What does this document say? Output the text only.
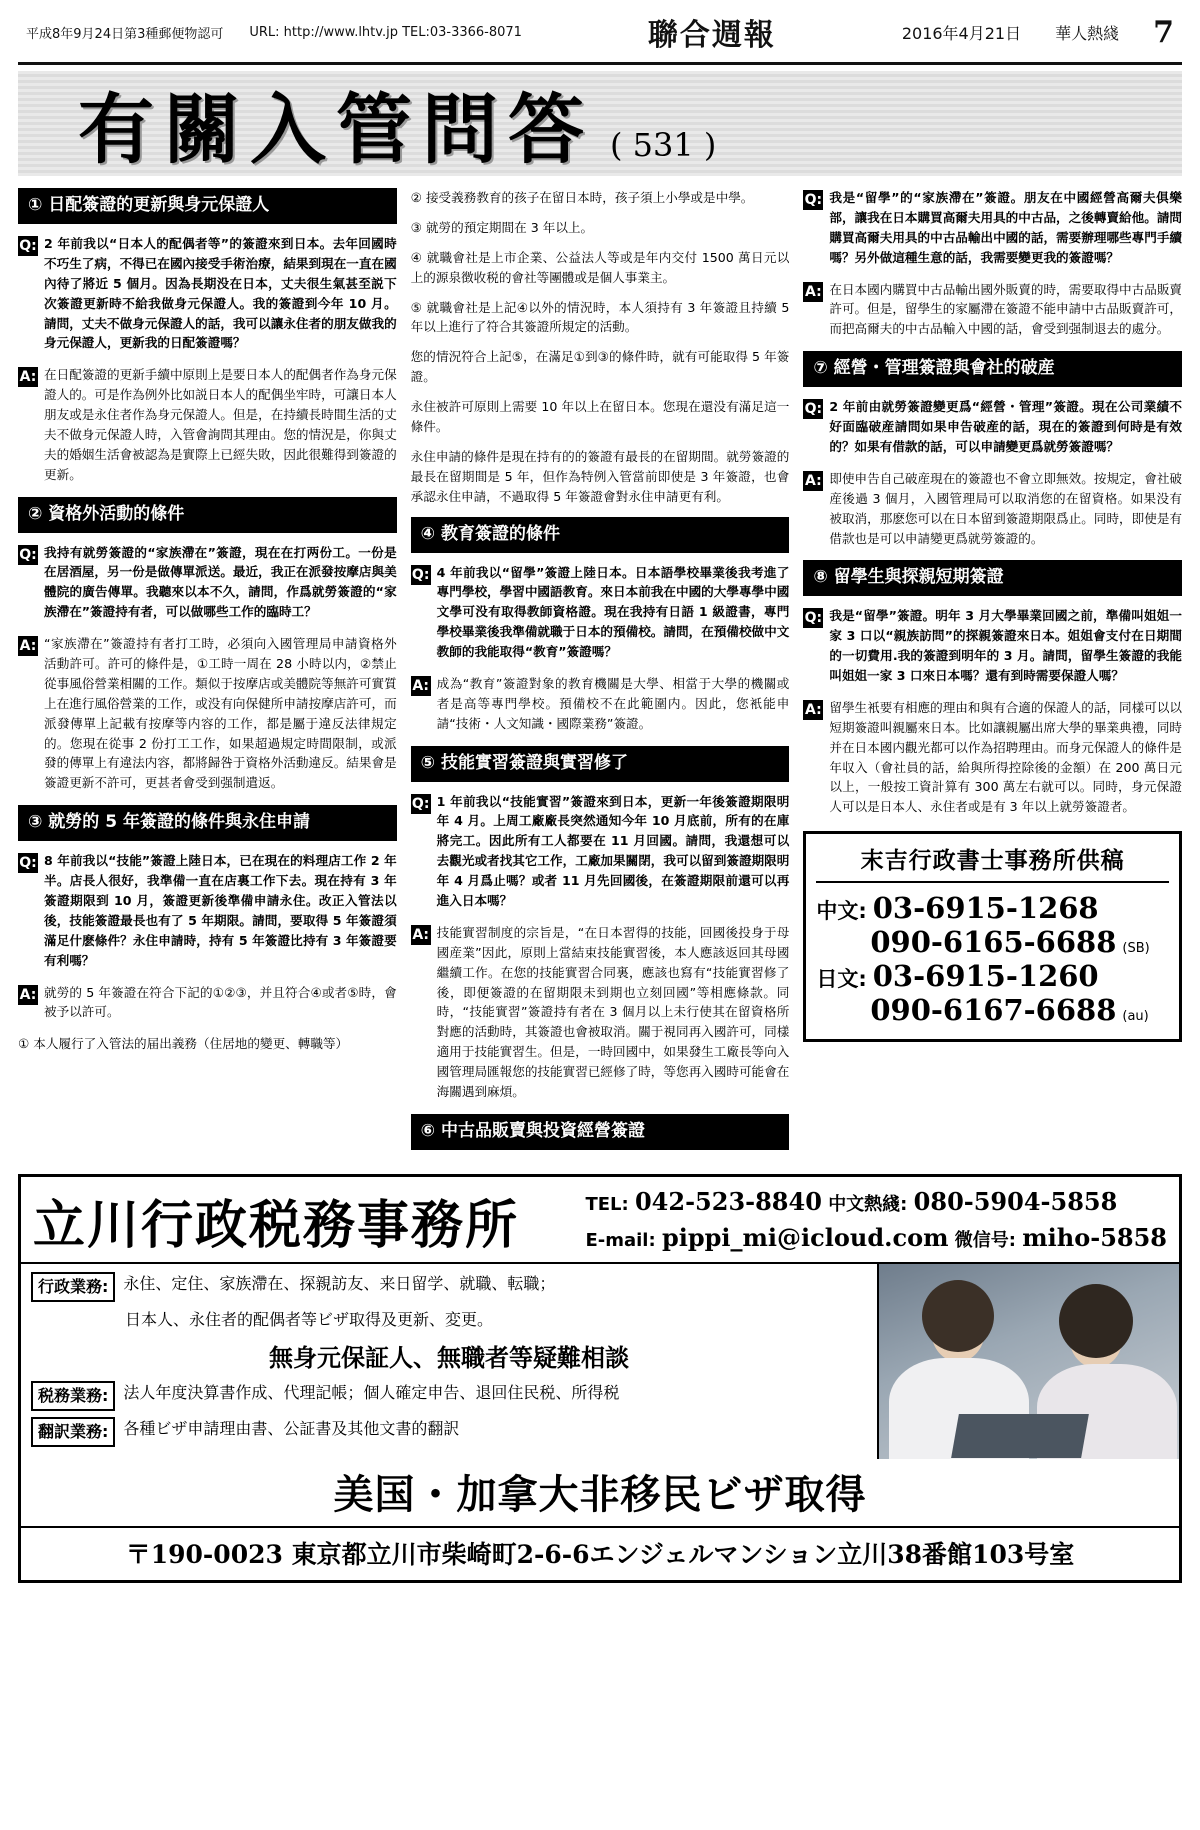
平成8年9月24日第3種郵便物認可 URL: http://www.lhtv.jp TEL:03-3366-8071	聯合週報	2016年4月21日 華人熱綫 7
有關入管問答 ( 531 )
① 日配簽證的更新與身元保證人
Q: 2 年前我以“日本人的配偶者等”的簽證來到日本。去年回國時不巧生了病，不得已在國內接受手術治療，結果到現在一直在國內待了將近 5 個月。因為長期没在日本，丈夫很生氣甚至説下次簽證更新時不給我做身元保證人。我的簽證到今年 10 月。請問，丈夫不做身元保證人的話，我可以讓永住者的朋友做我的身元保證人，更新我的日配簽證嗎？
A: 在日配簽證的更新手續中原則上是要日本人的配偶者作為身元保證人的。可是作為例外比如説日本人的配偶坐牢時，可讓日本人朋友或是永住者作為身元保證人。但是，在持續長時間生活的丈夫不做身元保證人時，入管會詢問其理由。您的情況是，你與丈夫的婚姻生活會被認為是實際上已經失敗，因此很難得到簽證的更新。
② 資格外活動的條件
Q: 我持有就勞簽證的“家族滯在”簽證，現在在打两份工。一份是在居酒屋，另一份是做傳單派送。最近，我正在派發按摩店與美體院的廣告傳單。我聽來以本不久，請問，作爲就勞簽證的“家族滯在”簽證持有者，可以做哪些工作的臨時工？
A: “家族滯在”簽證持有者打工時，必須向入國管理局申請資格外活動許可。許可的條件是，①工時一周在 28 小時以内，②禁止從事風俗營業相關的工作。類似于按摩店或美體院等無許可實質上在進行風俗營業的工作，或没有向保健所申請按摩店許可，而派發傳單上記載有按摩等内容的工作，都是屬于違反法律規定的。您現在從事 2 份打工工作，如果超過規定時間限制，或派發的傳單上有違法内容，都將歸咎于資格外活動違反。結果會是簽證更新不許可，更甚者會受到强制遣返。
③ 就勞的 5 年簽證的條件與永住申請
Q: 8 年前我以“技能”簽證上陸日本，已在現在的料理店工作 2 年半。店長人很好，我準備一直在店裏工作下去。現在持有 3 年簽證期限到 10 月，簽證更新後準備申請永住。改正入管法以後，技能簽證最長也有了 5 年期限。請問，要取得 5 年簽證須滿足什麽條件？永住申請時，持有 5 年簽證比持有 3 年簽證要有利嗎？
A: 就勞的 5 年簽證在符合下記的①②③，并且符合④或者⑤時，會被予以許可。
① 本人履行了入管法的届出義務（住居地的變更、轉職等）
② 接受義務教育的孩子在留日本時，孩子須上小學或是中學。
③ 就勞的預定期間在 3 年以上。
④ 就職會社是上市企業、公益法人等或是年内交付 1500 萬日元以上的源泉徴收税的會社等團體或是個人事業主。
⑤ 就職會社是上記④以外的情況時，本人須持有 3 年簽證且持續 5 年以上進行了符合其簽證所規定的活動。
您的情況符合上記⑤，在滿足①到③的條件時，就有可能取得 5 年簽證。
永住被許可原則上需要 10 年以上在留日本。您現在還没有滿足這一條件。
永住申請的條件是現在持有的的簽證有最長的在留期間。就勞簽證的最長在留期間是 5 年，但作為特例入管當前即使是 3 年簽證，也會承認永住申請，不過取得 5 年簽證會對永住申請更有利。
④ 教育簽證的條件
Q: 4 年前我以“留學”簽證上陸日本。日本語學校畢業後我考進了專門學校，學習中國語教育。來日本前我在中國的大學專學中國文學可没有取得教師資格證。現在我持有日語 1 級證書，專門學校畢業後我準備就職于日本的預備校。請問，在預備校做中文教師的我能取得“教育”簽證嗎？
A: 成為“教育”簽證對象的教育機關是大學、相當于大學的機關或者是高等專門學校。預備校不在此範圍内。因此，您衹能申請“技術・人文知識・國際業務”簽證。
⑤ 技能實習簽證與實習修了
Q: 1 年前我以“技能實習”簽證來到日本，更新一年後簽證期限明年 4 月。上周工廠廠長突然通知今年 10 月底前，所有的在庫將完工。因此所有工人都要在 11 月回國。請問，我還想可以去觀光或者找其它工作，工廠加果關閉，我可以留到簽證期限明年 4 月爲止嗎？或者 11 月先回國後，在簽證期限前還可以再進入日本嗎？
A: 技能實習制度的宗旨是，“在日本習得的技能，回國後投身于母國産業”因此，原則上當結束技能實習後，本人應該返回其母國繼續工作。在您的技能實習合同裏，應該也寫有“技能實習修了後，即便簽證的在留期限未到期也立刻回國”等相應條款。同時，“技能實習”簽證持有者在 3 個月以上未行使其在留資格所對應的活動時，其簽證也會被取消。關于視同再入國許可，同樣適用于技能實習生。但是，一時回國中，如果發生工廠長等向入國管理局匯報您的技能實習已經修了時，等您再入國時可能會在海關遇到麻煩。
⑥ 中古品販賣與投資經營簽證
Q: 我是“留學”的“家族滯在”簽證。朋友在中國經營高爾夫俱樂部，讓我在日本購買高爾夫用具的中古品，之後轉賣給他。請問購買高爾夫用具的中古品輸出中國的話，需要辦理哪些專門手續嗎？另外做這種生意的話，我需要變更我的簽證嗎？
A: 在日本國内購買中古品輸出國外販賣的時，需要取得中古品販賣許可。但是，留學生的家屬滯在簽證不能申請中古品販賣許可，而把高爾夫的中古品輸入中國的話，會受到强制退去的處分。
⑦ 經營・管理簽證與會社的破産
Q: 2 年前由就勞簽證變更爲“經營・管理”簽證。現在公司業績不好面臨破産請問如果申告破産的話，現在的簽證到何時是有效的？如果有借款的話，可以申請變更爲就勞簽證嗎？
A: 即使申告自己破産現在的簽證也不會立即無效。按規定，會社破産後過 3 個月，入國管理局可以取消您的在留資格。如果没有被取消，那麽您可以在日本留到簽證期限爲止。同時，即使是有借款也是可以申請變更爲就勞簽證的。
⑧ 留學生與探親短期簽證
Q: 我是“留學”簽證。明年 3 月大學畢業回國之前，準備叫姐姐一家 3 口以“親族訪問”的探親簽證來日本。姐姐會支付在日期間的一切費用.我的簽證到明年的 3 月。請問，留學生簽證的我能叫姐姐一家 3 口來日本嗎？還有到時需要保證人嗎？
A: 留學生衹要有相應的理由和與有合適的保證人的話，同樣可以以短期簽證叫親屬來日本。比如讓親屬出席大學的畢業典禮，同時并在日本國内觀光都可以作為招聘理由。而身元保證人的條件是年収入（會社員的話，給與所得控除後的金額）在 200 萬日元以上，一般按工資計算有 300 萬左右就可以。同時，身元保證人可以是日本人、永住者或是有 3 年以上就勞簽證者。
末吉行政書士事務所供稿
中文: 03-6915-1268
090-6165-6688 (SB)
日文: 03-6915-1260
090-6167-6688 (au)
立川行政税務事務所	TEL: 042-523-8840 中文熱綫: 080-5904-5858
E-mail: pippi_mi@icloud.com 微信号: miho-5858
行政業務: 永住、定住、家族滯在、探親訪友、来日留学、就職、転職；
日本人、永住者的配偶者等ビザ取得及更新、変更。
無身元保証人、無職者等疑難相談
税務業務: 法人年度決算書作成、代理記帳；個人確定申告、退回住民税、所得税
翻訳業務: 各種ビザ申請理由書、公証書及其他文書的翻訳
美国・加拿大非移民ビザ取得
〒190-0023 東京都立川市柴崎町2-6-6エンジェルマンション立川38番館103号室
